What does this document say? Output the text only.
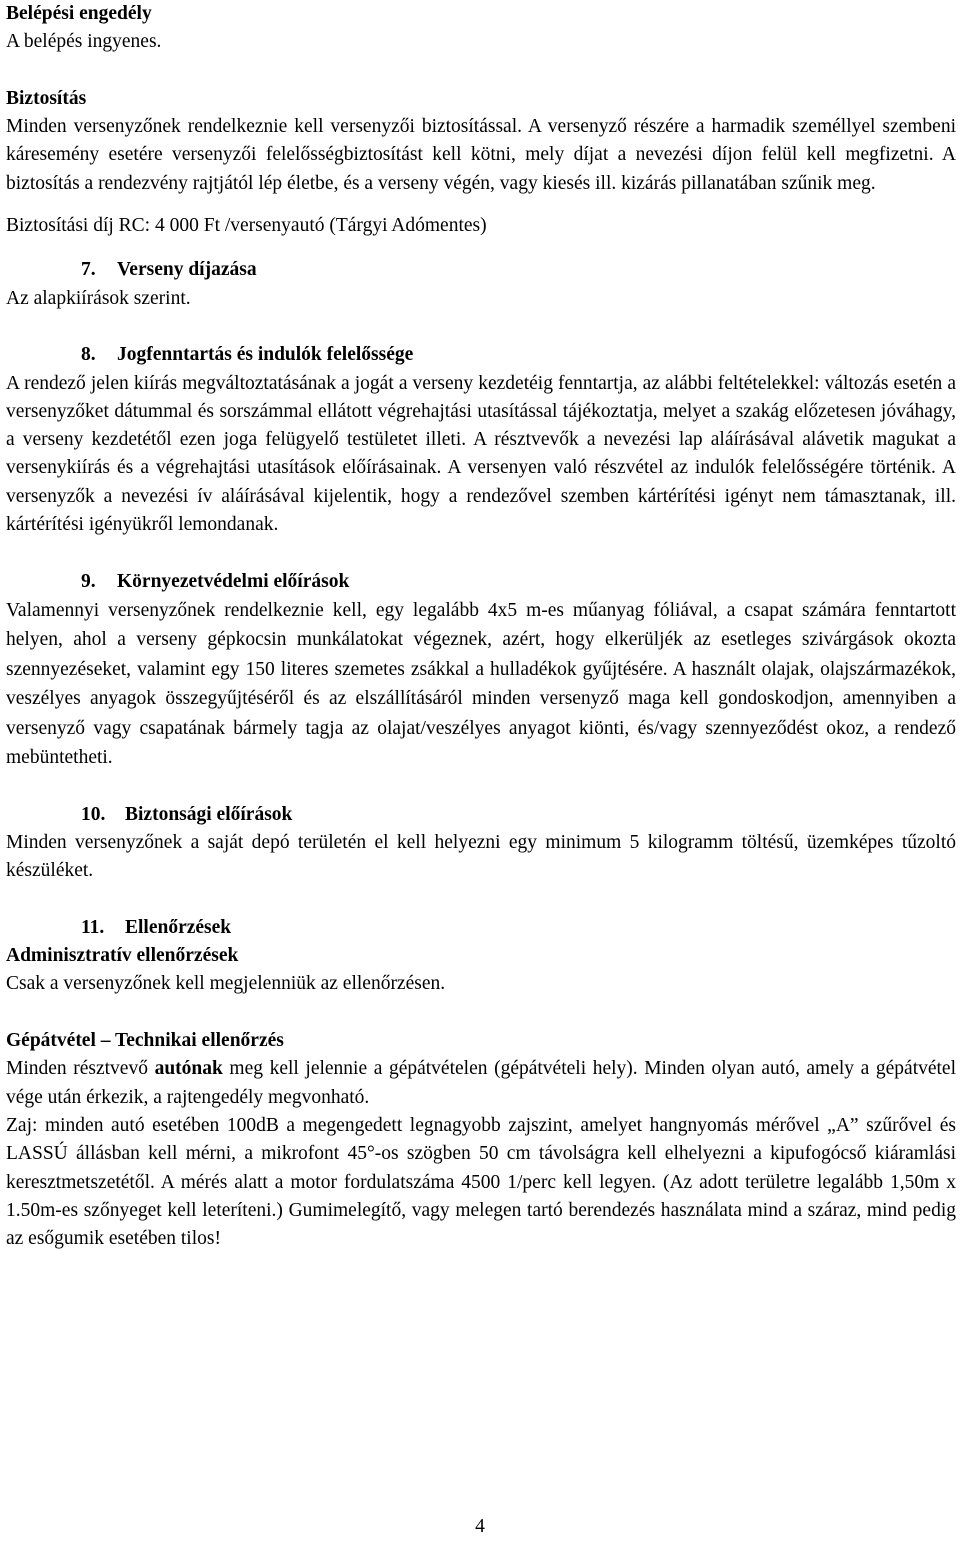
Belépési engedély
A belépés ingyenes.
Biztosítás

Minden versenyzőnek rendelkeznie kell versenyzői biztosítással. A versenyző részére a harmadik személlyel szembeni káresemény esetére versenyzői felelősségbiztosítást kell kötni, mely díjat a nevezési díjon felül kell megfizetni. A biztosítás a rendezvény rajtjától lép életbe, és a verseny végén, vagy kiesés ill. kizárás pillanatában szűnik meg.

Biztosítási díj RC: 4 000 Ft /versenyautó (Tárgyi Adómentes)
7. Verseny díjazása
Az alapkiírások szerint.
8. Jogfenntartás és indulók felelőssége

A rendező jelen kiírás megváltoztatásának a jogát a verseny kezdetéig fenntartja, az alábbi feltételekkel: változás esetén a versenyzőket dátummal és sorszámmal ellátott végrehajtási utasítással tájékoztatja, melyet a szakág előzetesen jóváhagy, a verseny kezdetétől ezen joga felügyelő testületet illeti. A résztvevők a nevezési lap aláírásával alávetik magukat a versenykiírás és a végrehajtási utasítások előírásainak. A versenyen való részvétel az indulók felelősségére történik. A versenyzők a nevezési ív aláírásával kijelentik, hogy a rendezővel szemben kártérítési igényt nem támasztanak, ill. kártérítési igényükről lemondanak.

9. Környezetvédelmi előírások

Valamennyi versenyzőnek rendelkeznie kell, egy legalább 4x5 m-es műanyag fóliával, a csapat számára fenntartott helyen, ahol a verseny gépkocsin munkálatokat végeznek, azért, hogy elkerüljék az esetleges szivárgások okozta szennyezéseket, valamint egy 150 literes szemetes zsákkal a hulladékok gyűjtésére. A használt olajak, olajszármazékok, veszélyes anyagok összegyűjtéséről és az elszállításáról minden versenyző maga kell gondoskodjon, amennyiben a versenyző vagy csapatának bármely tagja az olajat/veszélyes anyagot kiönti, és/vagy szennyeződést okoz, a rendező mebüntetheti.

10. Biztonsági előírások

Minden versenyzőnek a saját depó területén el kell helyezni egy minimum 5 kilogramm töltésű, üzemképes tűzoltó készüléket.

11. Ellenőrzések
Adminisztratív ellenőrzések
Csak a versenyzőnek kell megjelenniük az ellenőrzésen.
Gépátvétel – Technikai ellenőrzés

Minden résztvevő autónak meg kell jelennie a gépátvételen (gépátvételi hely). Minden olyan autó, amely a gépátvétel vége után érkezik, a rajtengedély megvonható.

Zaj: minden autó esetében 100dB a megengedett legnagyobb zajszint, amelyet hangnyomás mérővel „A” szűrővel és LASSÚ állásban kell mérni, a mikrofont 45°-os szögben 50 cm távolságra kell elhelyezni a kipufogócső kiáramlási keresztmetszetétől. A mérés alatt a motor fordulatszáma 4500 1/perc kell legyen. (Az adott területre legalább 1,50m x 1.50m-es szőnyeget kell leteríteni.) Gumimelegítő, vagy melegen tartó berendezés használata mind a száraz, mind pedig az esőgumik esetében tilos!

4
